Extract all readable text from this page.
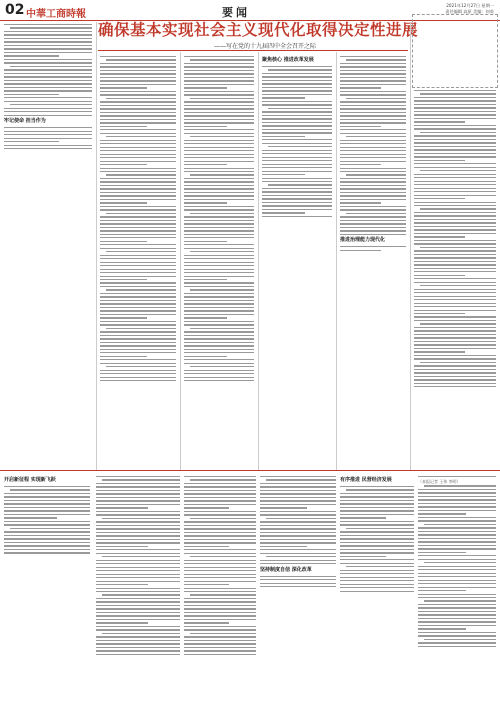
02 中華工商時報	要闻
2021年12月27日 星期一
责任编辑 高原 美编：何英
确保基本实现社会主义现代化取得决定性进展
——写在党的十九届四中全会召开之际
牢记使命 担当作为
聚焦核心 推进改革发展
推进治理能力现代化
开启新征程 实现新飞跃
坚持制度自信 深化改革
有序推进 民营经济发展	（本报记者 王伟 李明）
